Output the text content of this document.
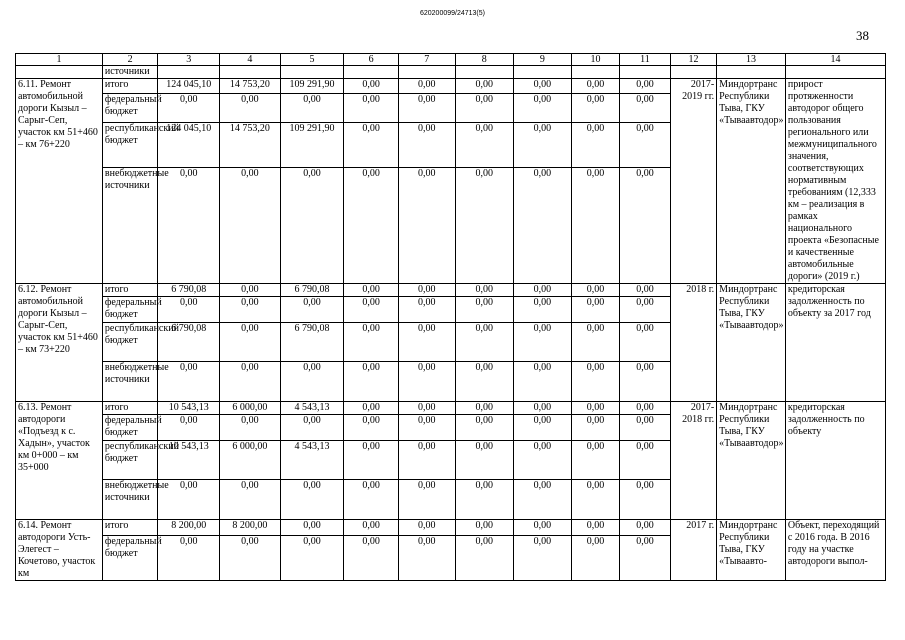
620200099/24713(5)
38
1	2	3	4	5	6	7	8	9	10	11	12	13	14
	источники												
6.11. Ремонт автомобильной дороги Кызыл – Сарыг-Сеп, участок км 51+460 – км 76+220	итого	124 045,10	14 753,20	109 291,90	0,00	0,00	0,00	0,00	0,00	0,00	2017-2019 гг.	Миндортранс Республики Тыва, ГКУ «Тываавтодор»	прирост протяженности автодорог общего пользования регионального или межмуниципального значения, соответствующих нормативным требованиям (12,333 км – реализация в рамках национального проекта «Безопасные и качественные автомобильные дороги» (2019 г.)
	федеральный бюджет	0,00	0,00	0,00	0,00	0,00	0,00	0,00	0,00	0,00			
	республиканский бюджет	124 045,10	14 753,20	109 291,90	0,00	0,00	0,00	0,00	0,00	0,00			
	внебюджетные источники	0,00	0,00	0,00	0,00	0,00	0,00	0,00	0,00	0,00			
6.12. Ремонт автомобильной дороги Кызыл – Сарыг-Сеп, участок км 51+460 – км 73+220	итого	6 790,08	0,00	6 790,08	0,00	0,00	0,00	0,00	0,00	0,00	2018 г.	Миндортранс Республики Тыва, ГКУ «Тываавтодор»	кредиторская задолженность по объекту за 2017 год
	федеральный бюджет	0,00	0,00	0,00	0,00	0,00	0,00	0,00	0,00	0,00			
	республиканский бюджет	6 790,08	0,00	6 790,08	0,00	0,00	0,00	0,00	0,00	0,00			
	внебюджетные источники	0,00	0,00	0,00	0,00	0,00	0,00	0,00	0,00	0,00			
6.13. Ремонт автодороги «Подъезд к с. Хадын», участок км 0+000 – км 35+000	итого	10 543,13	6 000,00	4 543,13	0,00	0,00	0,00	0,00	0,00	0,00	2017-2018 гг.	Миндортранс Республики Тыва, ГКУ «Тываавтодор»	кредиторская задолженность по объекту
	федеральный бюджет	0,00	0,00	0,00	0,00	0,00	0,00	0,00	0,00	0,00			
	республиканский бюджет	10 543,13	6 000,00	4 543,13	0,00	0,00	0,00	0,00	0,00	0,00			
	внебюджетные источники	0,00	0,00	0,00	0,00	0,00	0,00	0,00	0,00	0,00			
6.14. Ремонт автодороги Усть-Элегест – Кочетово, участок км	итого	8 200,00	8 200,00	0,00	0,00	0,00	0,00	0,00	0,00	0,00	2017 г.	Миндортранс Республики Тыва, ГКУ «Тываавто-	Объект, переходящий с 2016 года. В 2016 году на участке автодороги выпол-
	федеральный бюджет	0,00	0,00	0,00	0,00	0,00	0,00	0,00	0,00	0,00			
